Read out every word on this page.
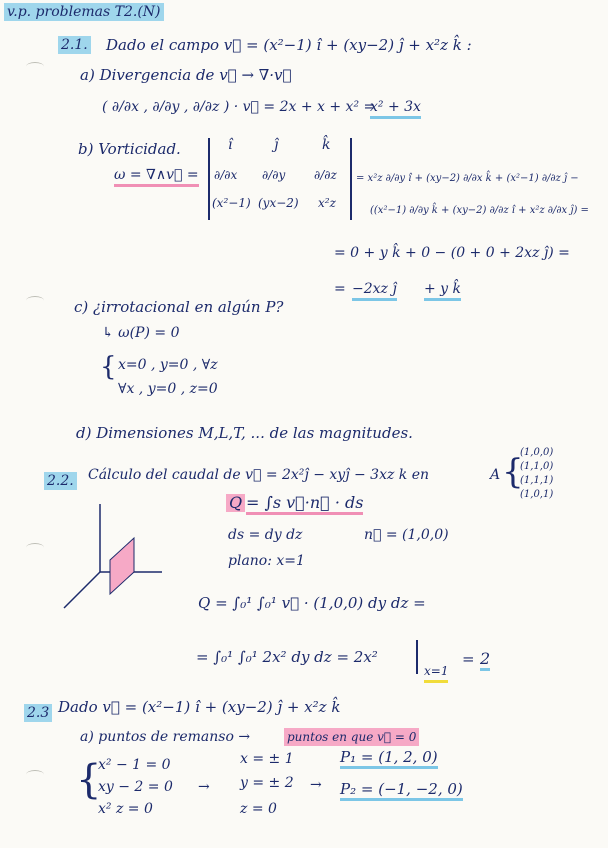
v.p. problemas T2.(N)
2.1. Dado el campo v⃗ = (x²−1) î + (xy−2) ĵ + x²z k̂ :
a) Divergencia de v⃗ → ∇·v⃗
( ∂/∂x , ∂/∂y , ∂/∂z ) · v⃗ = 2x + x + x² =
x² + 3x
b) Vorticidad.
ω = ∇∧v⃗ =
î	ĵ	k̂
∂/∂x ∂/∂y ∂/∂z
(x²−1) (yx−2) x²z
= x²z ∂/∂y î + (xy−2) ∂/∂x k̂ + (x²−1) ∂/∂z ĵ −
((x²−1) ∂/∂y k̂ + (xy−2) ∂/∂z î + x²z ∂/∂x ĵ) =
= 0 + y k̂ + 0 − (0 + 0 + 2xz ĵ) =
= −2xz ĵ + y k̂
c) ¿irrotacional en algún P?
↳ ω(P) = 0
{ x=0 , y=0 , ∀z
∀x , y=0 , z=0
d) Dimensiones M,L,T, ... de las magnitudes.
2.2. Cálculo del caudal de v⃗ = 2x²ĵ − xyĵ − 3xz k en	A {
(1,0,0)
(1,1,0)
(1,1,1)
(1,0,1)
Q = ∫s v⃗·n⃗ · ds
ds = dy dz	n⃗ = (1,0,0)
plano: x=1
Q = ∫₀¹ ∫₀¹ v⃗ · (1,0,0) dy dz =
= ∫₀¹ ∫₀¹ 2x² dy dz = 2x²
x=1
= 2
2.3 Dado v⃗ = (x²−1) î + (xy−2) ĵ + x²z k̂
a) puntos de remanso →	puntos en que v⃗ = 0
{
x² − 1 = 0
xy − 2 = 0
x² z = 0
→
x = ± 1
y = ± 2
z = 0
→
P₁ = (1, 2, 0)
P₂ = (−1, −2, 0)
